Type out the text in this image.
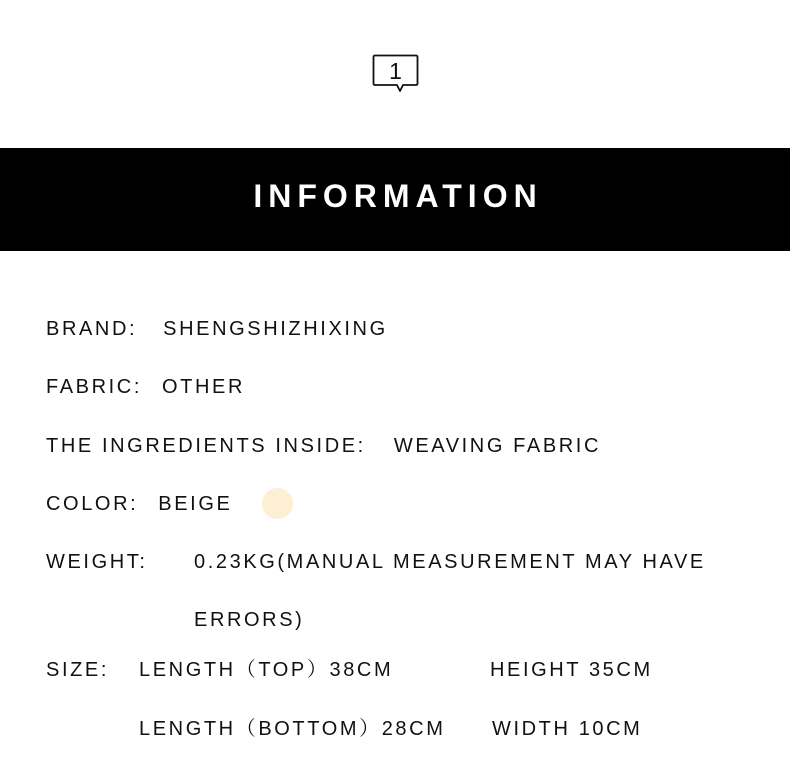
1
INFORMATION
BRAND: SHENGSHIZHIXING
FABRIC: OTHER
THE INGREDIENTS INSIDE: WEAVING FABRIC
COLOR: BEIGE
WEIGHT: 0.23KG(MANUAL MEASUREMENT MAY HAVE
ERRORS)
SIZE: LENGTH（TOP）38CM	HEIGHT 35CM
LENGTH（BOTTOM）28CM WIDTH 10CM
